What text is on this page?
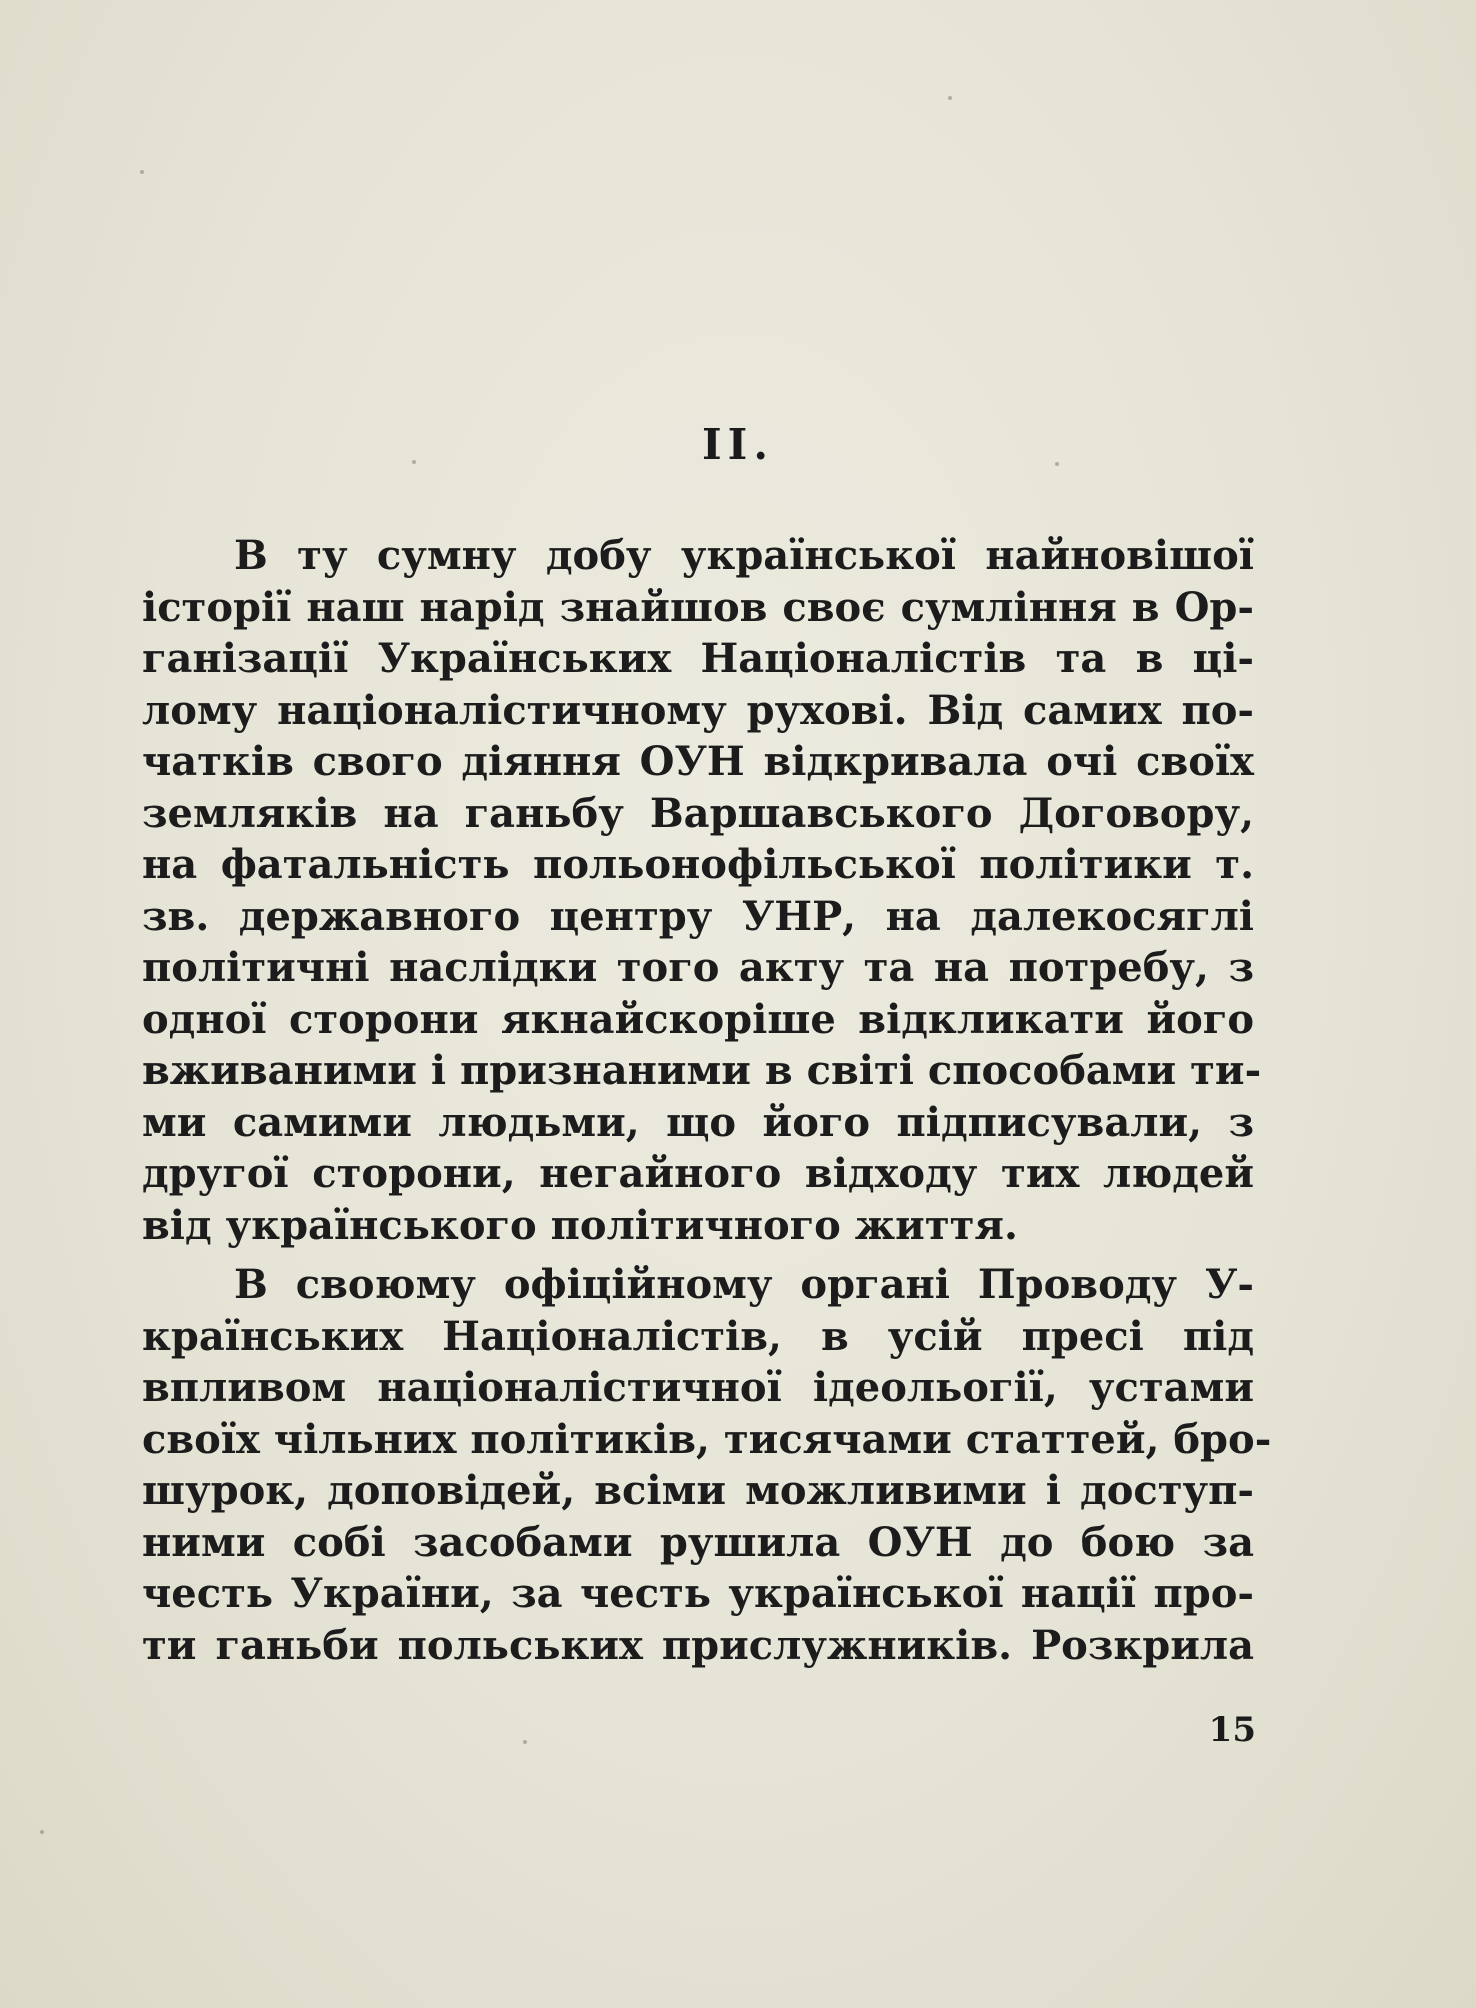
II.
В ту сумну добу української найновішої
історії наш нарід знайшов своє сумління в Ор-
ганізації Українських Націоналістів та в ці-
лому націоналістичному рухові. Від самих по-
чатків свого діяння ОУН відкривала очі своїх
земляків на ганьбу Варшавського Договору,
на фатальність польонофільської політики т.
зв. державного центру УНР, на далекосяглі
політичні наслідки того акту та на потребу, з
одної сторони якнайскоріше відкликати його
вживаними і признаними в світі способами ти-
ми самими людьми, що його підписували, з
другої сторони, негайного відходу тих людей
від українського політичного життя.
В своюму офіційному органі Проводу У-
країнських Націоналістів, в усій пресі під
впливом націоналістичної ідеольогії, устами
своїх чільних політиків, тисячами статтей, бро-
шурок, доповідей, всіми можливими і доступ-
ними собі засобами рушила ОУН до бою за
честь України, за честь української нації про-
ти ганьби польських прислужників. Розкрила
15
